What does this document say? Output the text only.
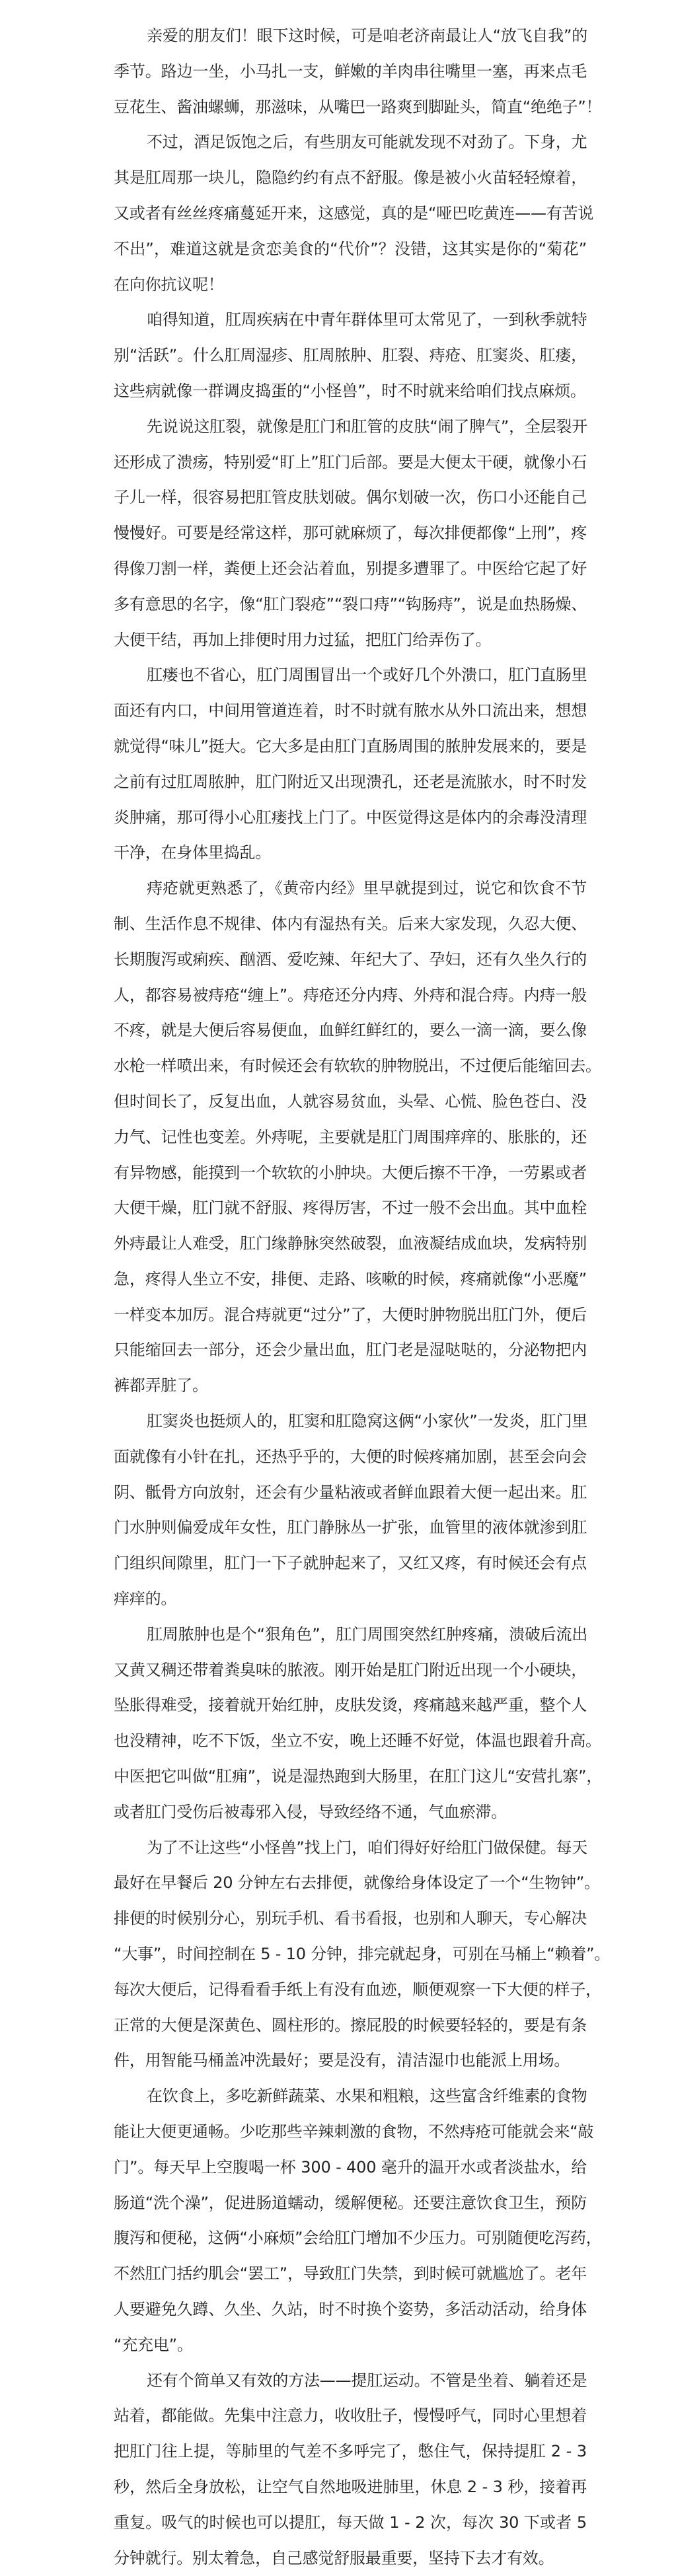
亲爱的朋友们！眼下这时候，可是咱老济南最让人“放飞自我”的
季节。路边一坐，小马扎一支，鲜嫩的羊肉串往嘴里一塞，再来点毛
豆花生、酱油螺蛳，那滋味，从嘴巴一路爽到脚趾头，简直“绝绝子”！
不过，酒足饭饱之后，有些朋友可能就发现不对劲了。下身，尤
其是肛周那一块儿，隐隐约约有点不舒服。像是被小火苗轻轻燎着，
又或者有丝丝疼痛蔓延开来，这感觉，真的是“哑巴吃黄连——有苦说
不出”，难道这就是贪恋美食的“代价”？没错，这其实是你的“菊花”
在向你抗议呢！
咱得知道，肛周疾病在中青年群体里可太常见了，一到秋季就特
别“活跃”。什么肛周湿疹、肛周脓肿、肛裂、痔疮、肛窦炎、肛瘘，
这些病就像一群调皮捣蛋的“小怪兽”，时不时就来给咱们找点麻烦。
先说说这肛裂，就像是肛门和肛管的皮肤“闹了脾气”，全层裂开
还形成了溃疡，特别爱“盯上”肛门后部。要是大便太干硬，就像小石
子儿一样，很容易把肛管皮肤划破。偶尔划破一次，伤口小还能自己
慢慢好。可要是经常这样，那可就麻烦了，每次排便都像“上刑”，疼
得像刀割一样，粪便上还会沾着血，别提多遭罪了。中医给它起了好
多有意思的名字，像“肛门裂疮”“裂口痔”“钩肠痔”，说是血热肠燥、
大便干结，再加上排便时用力过猛，把肛门给弄伤了。
肛瘘也不省心，肛门周围冒出一个或好几个外溃口，肛门直肠里
面还有内口，中间用管道连着，时不时就有脓水从外口流出来，想想
就觉得“味儿”挺大。它大多是由肛门直肠周围的脓肿发展来的，要是
之前有过肛周脓肿，肛门附近又出现溃孔，还老是流脓水，时不时发
炎肿痛，那可得小心肛瘘找上门了。中医觉得这是体内的余毒没清理
干净，在身体里捣乱。
痔疮就更熟悉了，《黄帝内经》里早就提到过，说它和饮食不节
制、生活作息不规律、体内有湿热有关。后来大家发现，久忍大便、
长期腹泻或痢疾、酗酒、爱吃辣、年纪大了、孕妇，还有久坐久行的
人，都容易被痔疮“缠上”。痔疮还分内痔、外痔和混合痔。内痔一般
不疼，就是大便后容易便血，血鲜红鲜红的，要么一滴一滴，要么像
水枪一样喷出来，有时候还会有软软的肿物脱出，不过便后能缩回去。
但时间长了，反复出血，人就容易贫血，头晕、心慌、脸色苍白、没
力气、记性也变差。外痔呢，主要就是肛门周围痒痒的、胀胀的，还
有异物感，能摸到一个软软的小肿块。大便后擦不干净，一劳累或者
大便干燥，肛门就不舒服、疼得厉害，不过一般不会出血。其中血栓
外痔最让人难受，肛门缘静脉突然破裂，血液凝结成血块，发病特别
急，疼得人坐立不安，排便、走路、咳嗽的时候，疼痛就像“小恶魔”
一样变本加厉。混合痔就更“过分”了，大便时肿物脱出肛门外，便后
只能缩回去一部分，还会少量出血，肛门老是湿哒哒的，分泌物把内
裤都弄脏了。
肛窦炎也挺烦人的，肛窦和肛隐窝这俩“小家伙”一发炎，肛门里
面就像有小针在扎，还热乎乎的，大便的时候疼痛加剧，甚至会向会
阴、骶骨方向放射，还会有少量粘液或者鲜血跟着大便一起出来。肛
门水肿则偏爱成年女性，肛门静脉丛一扩张，血管里的液体就渗到肛
门组织间隙里，肛门一下子就肿起来了，又红又疼，有时候还会有点
痒痒的。
肛周脓肿也是个“狠角色”，肛门周围突然红肿疼痛，溃破后流出
又黄又稠还带着粪臭味的脓液。刚开始是肛门附近出现一个小硬块，
坠胀得难受，接着就开始红肿，皮肤发烫，疼痛越来越严重，整个人
也没精神，吃不下饭，坐立不安，晚上还睡不好觉，体温也跟着升高。
中医把它叫做“肛痈”，说是湿热跑到大肠里，在肛门这儿“安营扎寨”，
或者肛门受伤后被毒邪入侵，导致经络不通，气血瘀滞。
为了不让这些“小怪兽”找上门，咱们得好好给肛门做保健。每天
最好在早餐后 20 分钟左右去排便，就像给身体设定了一个“生物钟”。
排便的时候别分心，别玩手机、看书看报，也别和人聊天，专心解决
“大事”，时间控制在 5 - 10 分钟，排完就起身，可别在马桶上“赖着”。
每次大便后，记得看看手纸上有没有血迹，顺便观察一下大便的样子，
正常的大便是深黄色、圆柱形的。擦屁股的时候要轻轻的，要是有条
件，用智能马桶盖冲洗最好；要是没有，清洁湿巾也能派上用场。
在饮食上，多吃新鲜蔬菜、水果和粗粮，这些富含纤维素的食物
能让大便更通畅。少吃那些辛辣刺激的食物，不然痔疮可能就会来“敲
门”。每天早上空腹喝一杯 300 - 400 毫升的温开水或者淡盐水，给
肠道“洗个澡”，促进肠道蠕动，缓解便秘。还要注意饮食卫生，预防
腹泻和便秘，这俩“小麻烦”会给肛门增加不少压力。可别随便吃泻药，
不然肛门括约肌会“罢工”，导致肛门失禁，到时候可就尴尬了。老年
人要避免久蹲、久坐、久站，时不时换个姿势，多活动活动，给身体
“充充电”。
还有个简单又有效的方法——提肛运动。不管是坐着、躺着还是
站着，都能做。先集中注意力，收收肚子，慢慢呼气，同时心里想着
把肛门往上提，等肺里的气差不多呼完了，憋住气，保持提肛 2 - 3
秒，然后全身放松，让空气自然地吸进肺里，休息 2 - 3 秒，接着再
重复。吸气的时候也可以提肛，每天做 1 - 2 次，每次 30 下或者 5
分钟就行。别太着急，自己感觉舒服最重要，坚持下去才有效。
